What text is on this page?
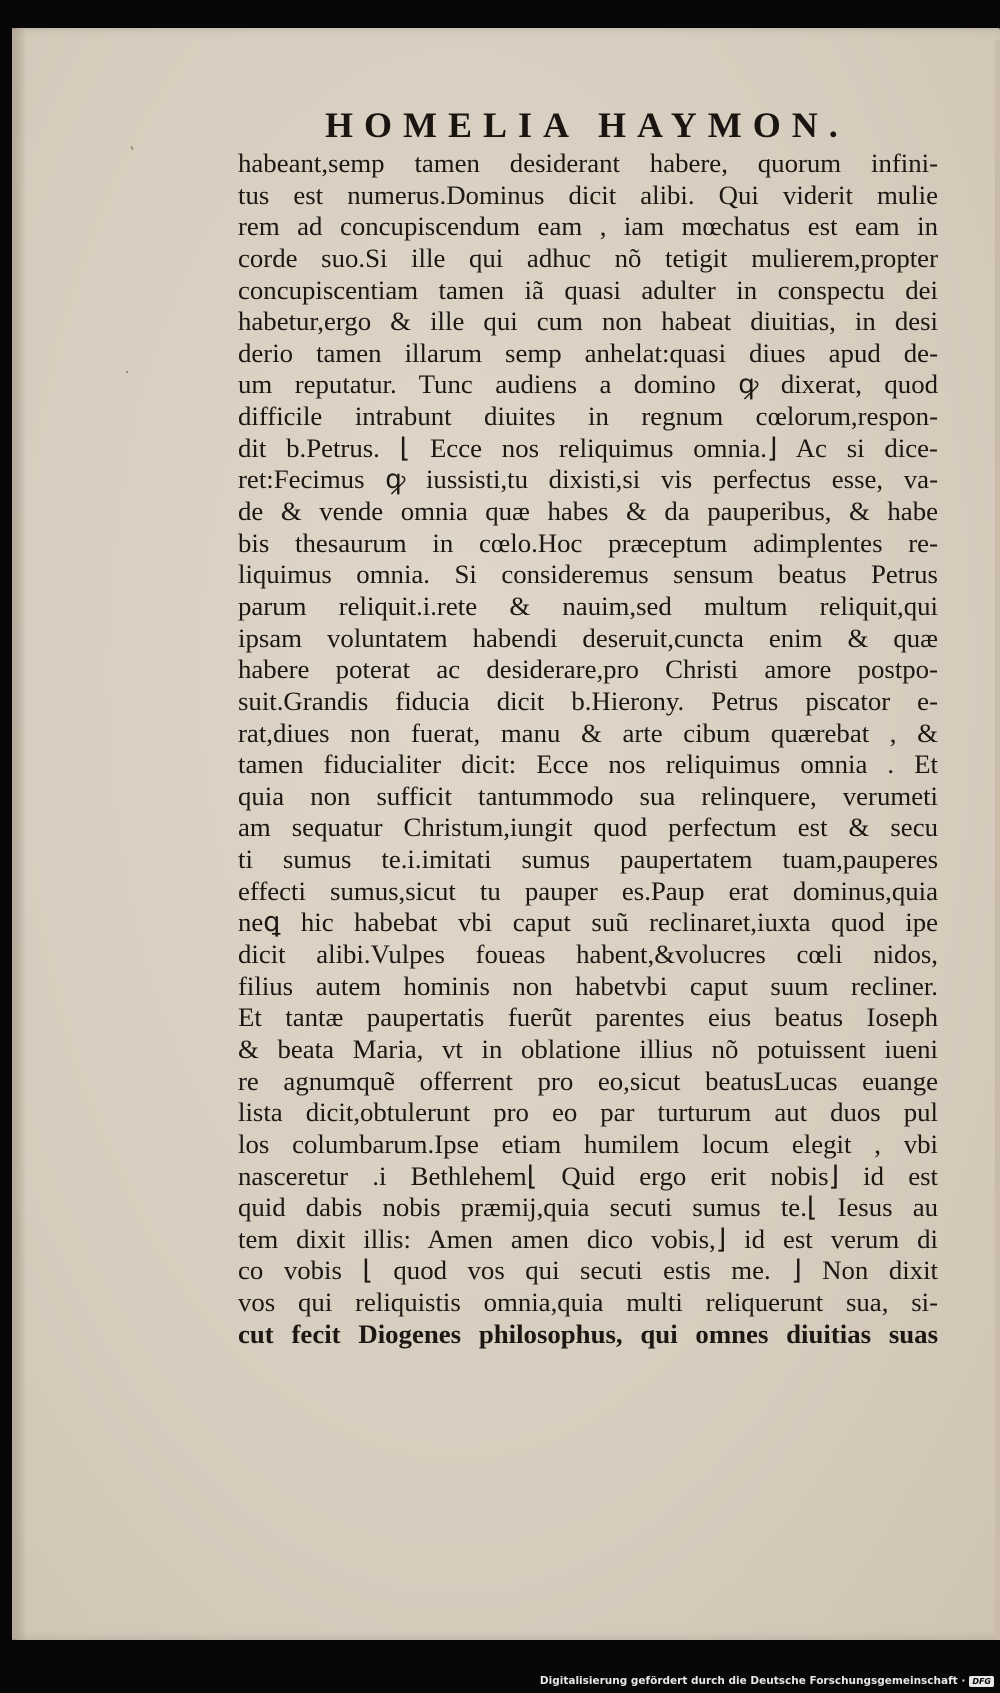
‛
·
HOMELIA HAYMON.
habeant,semp tamen desiderant habere, quorum infini-
tus est numerus.Dominus dicit alibi. Qui viderit mulie
rem ad concupiscendum eam , iam mœchatus est eam in
corde suo.Si ille qui adhuc nõ tetigit mulierem,propter
concupiscentiam tamen iã quasi adulter in conspectu dei
habetur,ergo & ille qui cum non habeat diuitias, in desi
derio tamen illarum semp anhelat:quasi diues apud de-
um reputatur. Tunc audiens a domino ꝙ dixerat, quod
difficile intrabunt diuites in regnum cœlorum,respon-
dit b.Petrus. ⌊ Ecce nos reliquimus omnia.⌋ Ac si dice-
ret:Fecimus ꝙ iussisti,tu dixisti,si vis perfectus esse, va-
de & vende omnia quæ habes & da pauperibus, & habe
bis thesaurum in cœlo.Hoc præceptum adimplentes re-
liquimus omnia. Si consideremus sensum beatus Petrus
parum reliquit.i.rete & nauim,sed multum reliquit,qui
ipsam voluntatem habendi deseruit,cuncta enim & quæ
habere poterat ac desiderare,pro Christi amore postpo-
suit.Grandis fiducia dicit b.Hierony. Petrus piscator e-
rat,diues non fuerat, manu & arte cibum quærebat , &
tamen fiducialiter dicit: Ecce nos reliquimus omnia . Et
quia non sufficit tantummodo sua relinquere, verumeti
am sequatur Christum,iungit quod perfectum est & secu
ti sumus te.i.imitati sumus paupertatem tuam,pauperes
effecti sumus,sicut tu pauper es.Paup erat dominus,quia
neꝗ hic habebat vbi caput suũ reclinaret,iuxta quod ipe
dicit alibi.Vulpes foueas habent,&volucres cœli nidos,
filius autem hominis non habetvbi caput suum recliner.
Et tantæ paupertatis fuerũt parentes eius beatus Ioseph
& beata Maria, vt in oblatione illius nõ potuissent iueni
re agnumquẽ offerrent pro eo,sicut beatusLucas euange
lista dicit,obtulerunt pro eo par turturum aut duos pul
los columbarum.Ipse etiam humilem locum elegit , vbi
nasceretur .i Bethlehem⌊ Quid ergo erit nobis⌋ id est
quid dabis nobis præmij,quia secuti sumus te.⌊ Iesus au
tem dixit illis: Amen amen dico vobis,⌋ id est verum di
co vobis ⌊ quod vos qui secuti estis me. ⌋ Non dixit
vos qui reliquistis omnia,quia multi reliquerunt sua, si-
cut fecit Diogenes philosophus, qui omnes diuitias suas
Digitalisierung gefördert durch die Deutsche Forschungsgemeinschaft · DFG
